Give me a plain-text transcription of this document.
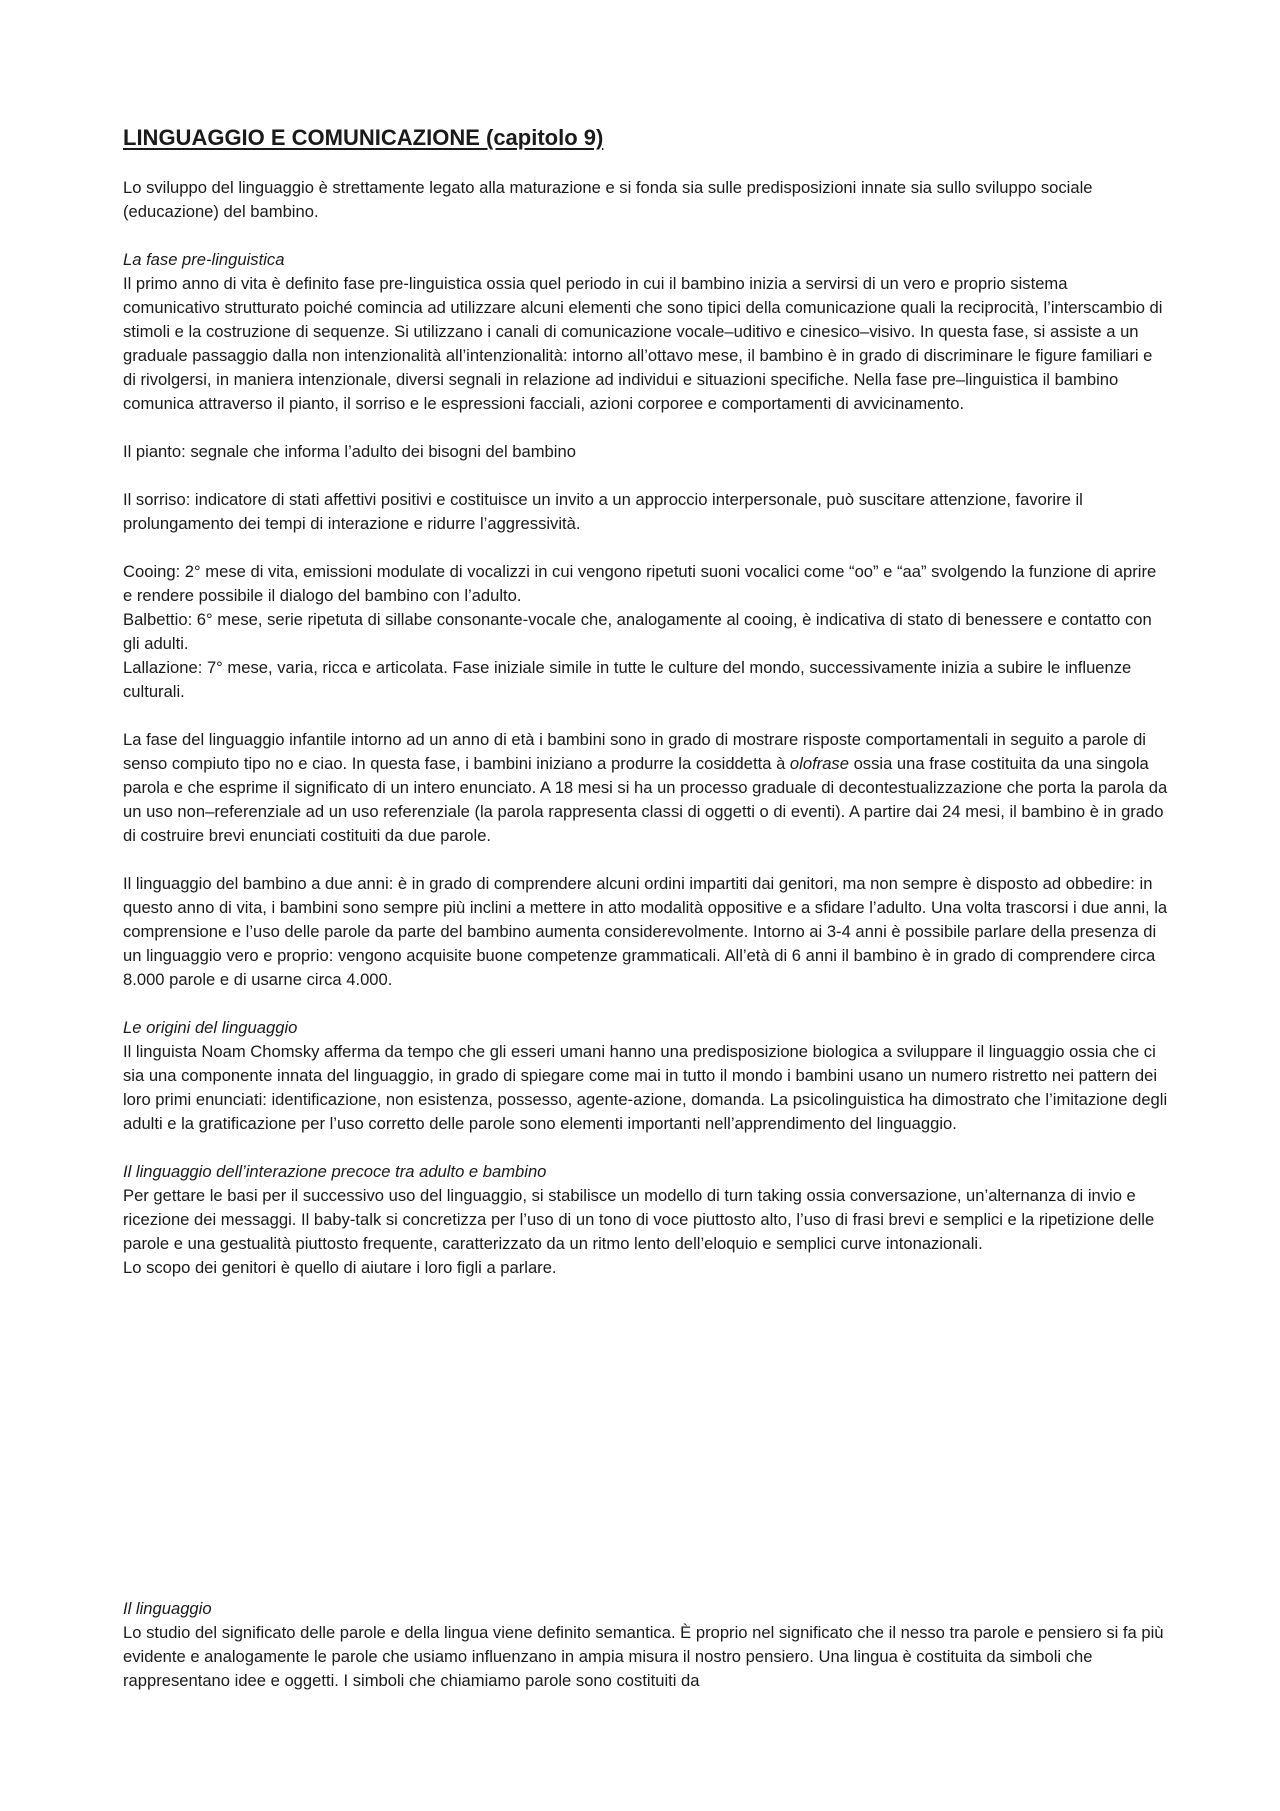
LINGUAGGIO E COMUNICAZIONE (capitolo 9)

Lo sviluppo del linguaggio è strettamente legato alla maturazione e si fonda sia sulle predisposizioni innate sia sullo sviluppo sociale (educazione) del bambino.

La fase pre-linguistica

Il primo anno di vita è definito fase pre-linguistica ossia quel periodo in cui il bambino inizia a servirsi di un vero e proprio sistema comunicativo strutturato poiché comincia ad utilizzare alcuni elementi che sono tipici della comunicazione quali la reciprocità, l’interscambio di stimoli e la costruzione di sequenze. Si utilizzano i canali di comunicazione vocale–uditivo e cinesico–visivo. In questa fase, si assiste a un graduale passaggio dalla non intenzionalità all’intenzionalità: intorno all’ottavo mese, il bambino è in grado di discriminare le figure familiari e di rivolgersi, in maniera intenzionale, diversi segnali in relazione ad individui e situazioni specifiche. Nella fase pre–linguistica il bambino comunica attraverso il pianto, il sorriso e le espressioni facciali, azioni corporee e comportamenti di avvicinamento.

Il pianto: segnale che informa l’adulto dei bisogni del bambino

Il sorriso: indicatore di stati affettivi positivi e costituisce un invito a un approccio interpersonale, può suscitare attenzione, favorire il prolungamento dei tempi di interazione e ridurre l’aggressività.

Cooing: 2° mese di vita, emissioni modulate di vocalizzi in cui vengono ripetuti suoni vocalici come “oo” e “aa” svolgendo la funzione di aprire e rendere possibile il dialogo del bambino con l’adulto.

Balbettio: 6° mese, serie ripetuta di sillabe consonante-vocale che, analogamente al cooing, è indicativa di stato di benessere e contatto con gli adulti.

Lallazione: 7° mese, varia, ricca e articolata. Fase iniziale simile in tutte le culture del mondo, successivamente inizia a subire le influenze culturali.

La fase del linguaggio infantile intorno ad un anno di età i bambini sono in grado di mostrare risposte comportamentali in seguito a parole di senso compiuto tipo no e ciao. In questa fase, i bambini iniziano a produrre la cosiddetta à olofrase ossia una frase costituita da una singola parola e che esprime il significato di un intero enunciato. A 18 mesi si ha un processo graduale di decontestualizzazione che porta la parola da un uso non–referenziale ad un uso referenziale (la parola rappresenta classi di oggetti o di eventi). A partire dai 24 mesi, il bambino è in grado di costruire brevi enunciati costituiti da due parole.

Il linguaggio del bambino a due anni: è in grado di comprendere alcuni ordini impartiti dai genitori, ma non sempre è disposto ad obbedire: in questo anno di vita, i bambini sono sempre più inclini a mettere in atto modalità oppositive e a sfidare l’adulto. Una volta trascorsi i due anni, la comprensione e l’uso delle parole da parte del bambino aumenta considerevolmente. Intorno ai 3-4 anni è possibile parlare della presenza di un linguaggio vero e proprio: vengono acquisite buone competenze grammaticali. All’età di 6 anni il bambino è in grado di comprendere circa 8.000 parole e di usarne circa 4.000.

Le origini del linguaggio

Il linguista Noam Chomsky afferma da tempo che gli esseri umani hanno una predisposizione biologica a sviluppare il linguaggio ossia che ci sia una componente innata del linguaggio, in grado di spiegare come mai in tutto il mondo i bambini usano un numero ristretto nei pattern dei loro primi enunciati: identificazione, non esistenza, possesso, agente-azione, domanda. La psicolinguistica ha dimostrato che l’imitazione degli adulti e la gratificazione per l’uso corretto delle parole sono elementi importanti nell’apprendimento del linguaggio.

Il linguaggio dell’interazione precoce tra adulto e bambino

Per gettare le basi per il successivo uso del linguaggio, si stabilisce un modello di turn taking ossia conversazione, un’alternanza di invio e ricezione dei messaggi. Il baby-talk si concretizza per l’uso di un tono di voce piuttosto alto, l’uso di frasi brevi e semplici e la ripetizione delle parole e una gestualità piuttosto frequente, caratterizzato da un ritmo lento dell’eloquio e semplici curve intonazionali.

Lo scopo dei genitori è quello di aiutare i loro figli a parlare.

Il linguaggio

Lo studio del significato delle parole e della lingua viene definito semantica. È proprio nel significato che il nesso tra parole e pensiero si fa più evidente e analogamente le parole che usiamo influenzano in ampia misura il nostro pensiero. Una lingua è costituita da simboli che rappresentano idee e oggetti. I simboli che chiamiamo parole sono costituiti da
